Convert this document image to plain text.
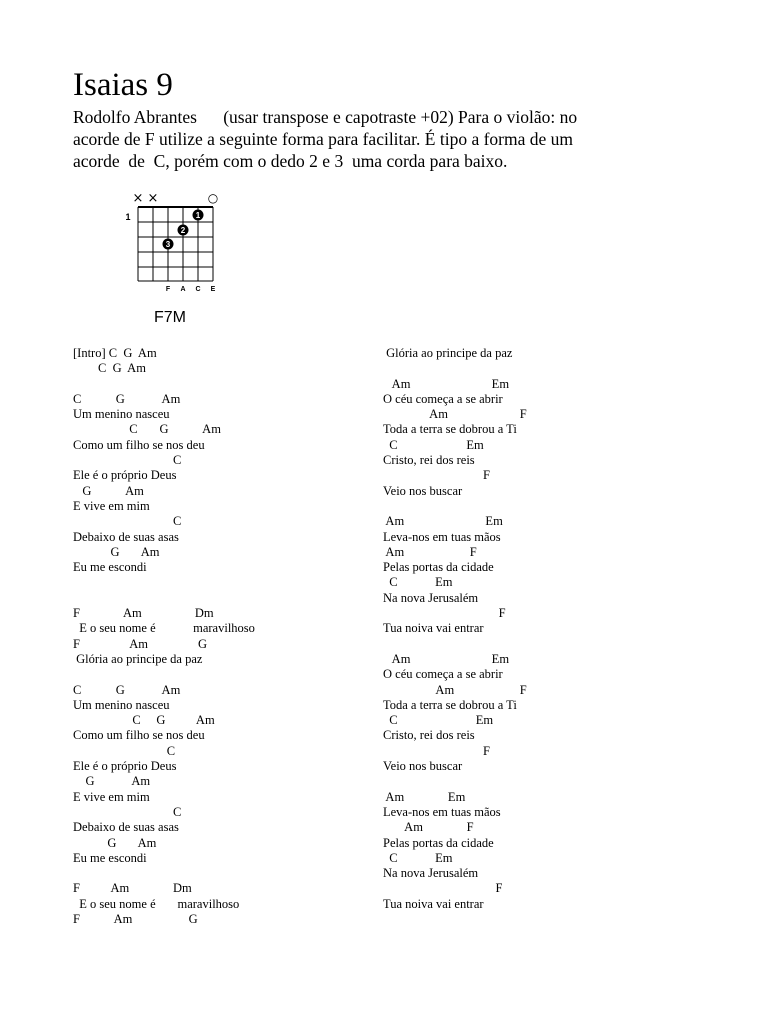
Isaias 9
Rodolfo Abrantes      (usar transpose e capotraste +02) Para o violão: no
acorde de F utilize a seguinte forma para facilitar. É tipo a forma de um
acorde  de  C, porém com o dedo 2 e 3  uma corda para baixo.
× ×	○
1	1
2
3
F A C E
F7M
[Intro] C  G  Am
C  G  Am
C           G            Am
Um menino nasceu
C       G           Am
Como um filho se nos deu
C
Ele é o próprio Deus
G           Am
E vive em mim
C
Debaixo de suas asas
G       Am
Eu me escondi
F              Am                 Dm
E o seu nome é            maravilhoso
F                Am                G
Glória ao principe da paz
C           G            Am
Um menino nasceu
C     G          Am
Como um filho se nos deu
C
Ele é o próprio Deus
G            Am
E vive em mim
C
Debaixo de suas asas
G       Am
Eu me escondi
F          Am              Dm
E o seu nome é       maravilhoso
F           Am                  G
Glória ao principe da paz
Am                          Em
O céu começa a se abrir
Am                       F
Toda a terra se dobrou a Ti
C                      Em
Cristo, rei dos reis
F
Veio nos buscar
Am                          Em
Leva-nos em tuas mãos
Am                     F
Pelas portas da cidade
C            Em
Na nova Jerusalém
F
Tua noiva vai entrar
Am                          Em
O céu começa a se abrir
Am                     F
Toda a terra se dobrou a Ti
C                         Em
Cristo, rei dos reis
F
Veio nos buscar
Am              Em
Leva-nos em tuas mãos
Am              F
Pelas portas da cidade
C            Em
Na nova Jerusalém
F
Tua noiva vai entrar
